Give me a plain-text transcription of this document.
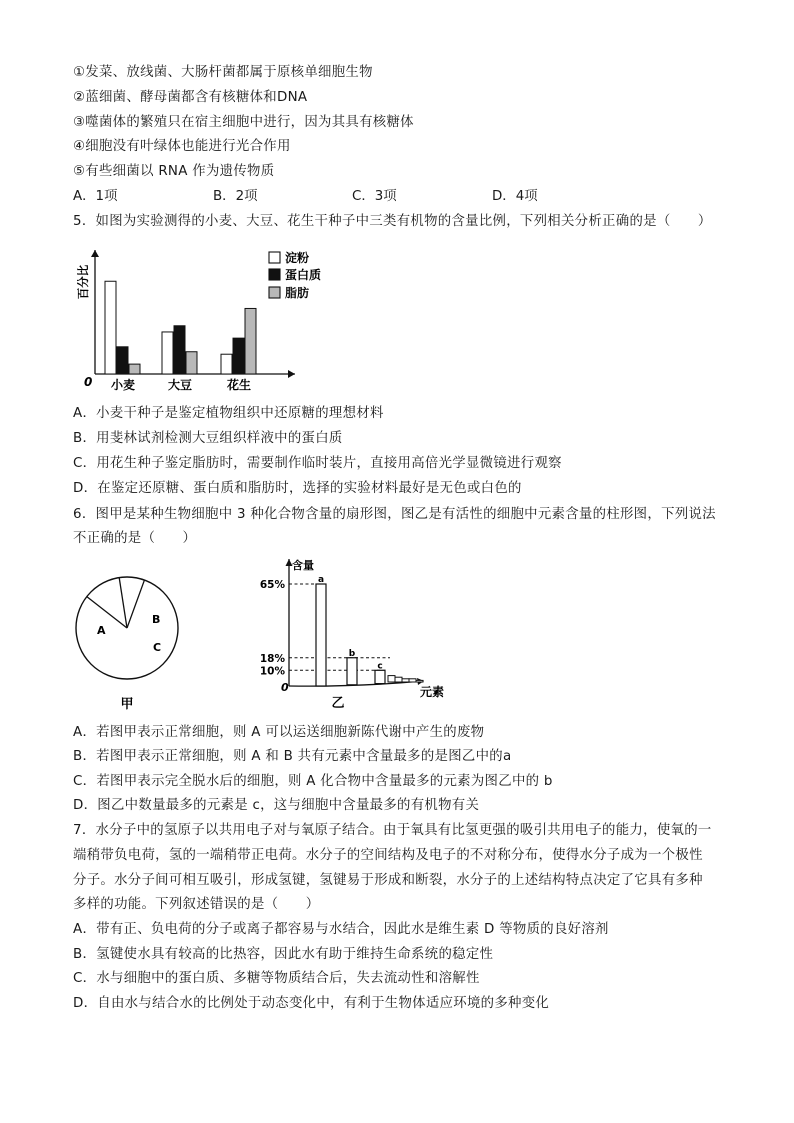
①发菜、放线菌、大肠杆菌都属于原核单细胞生物
②蓝细菌、酵母菌都含有核糖体和DNA
③噬菌体的繁殖只在宿主细胞中进行，因为其具有核糖体
④细胞没有叶绿体也能进行光合作用
⑤有些细菌以 RNA 作为遗传物质
A．1项	B．2项	C．3项	D．4项
5．如图为实验测得的小麦、大豆、花生干种子中三类有机物的含量比例，下列相关分析正确的是（　　）
百分比
0 小麦	大豆	花生
淀粉
蛋白质
脂肪
A．小麦干种子是鉴定植物组织中还原糖的理想材料
B．用斐林试剂检测大豆组织样液中的蛋白质
C．用花生种子鉴定脂肪时，需要制作临时装片，直接用高倍光学显微镜进行观察
D．在鉴定还原糖、蛋白质和脂肪时，选择的实验材料最好是无色或白色的
6．图甲是某种生物细胞中 3 种化合物含量的扇形图，图乙是有活性的细胞中元素含量的柱形图，下列说法
不正确的是（　　）
A
B
C
甲
含量
65%
18%
10%
0
a
b
c
元素
乙
A．若图甲表示正常细胞，则 A 可以运送细胞新陈代谢中产生的废物
B．若图甲表示正常细胞，则 A 和 B 共有元素中含量最多的是图乙中的a
C．若图甲表示完全脱水后的细胞，则 A 化合物中含量最多的元素为图乙中的 b
D．图乙中数量最多的元素是 c，这与细胞中含量最多的有机物有关
7．水分子中的氢原子以共用电子对与氧原子结合。由于氧具有比氢更强的吸引共用电子的能力，使氧的一
端稍带负电荷，氢的一端稍带正电荷。水分子的空间结构及电子的不对称分布，使得水分子成为一个极性
分子。水分子间可相互吸引，形成氢键，氢键易于形成和断裂，水分子的上述结构特点决定了它具有多种
多样的功能。下列叙述错误的是（　　）
A．带有正、负电荷的分子或离子都容易与水结合，因此水是维生素 D 等物质的良好溶剂
B．氢键使水具有较高的比热容，因此水有助于维持生命系统的稳定性
C．水与细胞中的蛋白质、多糖等物质结合后，失去流动性和溶解性
D．自由水与结合水的比例处于动态变化中，有利于生物体适应环境的多种变化
